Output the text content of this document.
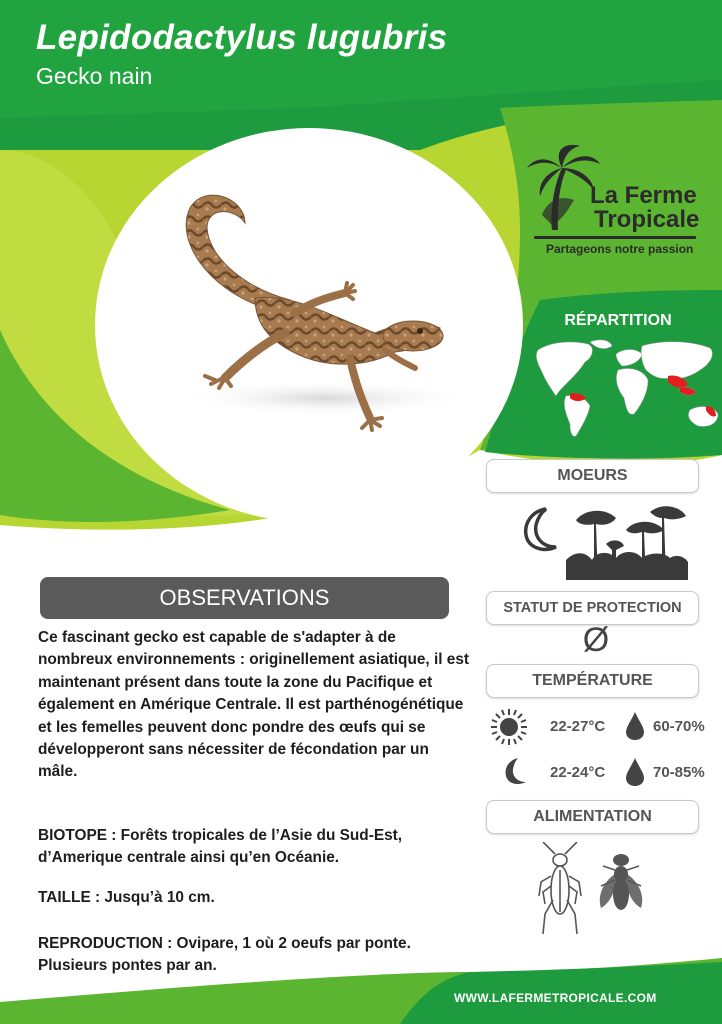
Lepidodactylus lugubris
Gecko nain
La Ferme
Tropicale
Partageons notre passion
RÉPARTITION
MOEURS
STATUT DE PROTECTION
Ø
TEMPÉRATURE
22-27°C	60-70%
22-24°C	70-85%
ALIMENTATION
OBSERVATIONS
Ce fascinant gecko est capable de s'adapter à de nombreux environnements : originellement asiatique, il est maintenant présent dans toute la zone du Pacifique et également en Amérique Centrale. Il est parthénogénétique et les femelles peuvent donc pondre des œufs qui se développeront sans nécessiter de fécondation par un mâle.
BIOTOPE : Forêts tropicales de l’Asie du Sud-Est, d’Amerique centrale ainsi qu’en Océanie.
TAILLE : Jusqu’à 10 cm.
REPRODUCTION : Ovipare, 1 où 2 oeufs par ponte. Plusieurs pontes par an.
WWW.LAFERMETROPICALE.COM
